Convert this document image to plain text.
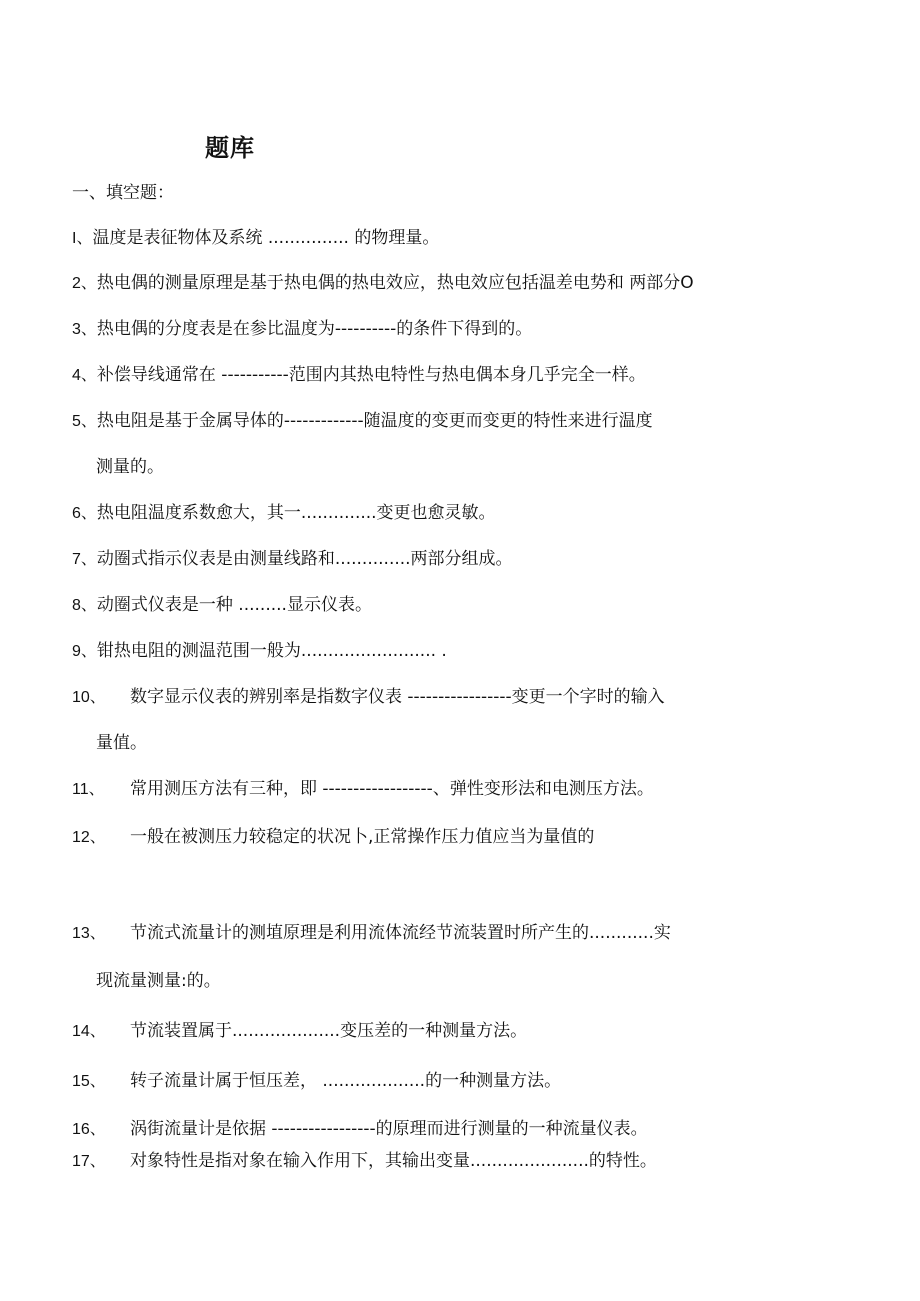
题库
一、填空题：
I、温度是表征物体及系统 ............... 的物理量。
2、热电偶的测量原理是基于热电偶的热电效应，热电效应包括温差电势和 两部分O
3、热电偶的分度表是在参比温度为----------的条件下得到的。
4、补偿导线通常在 -----------范围内其热电特性与热电偶本身几乎完全一样。
5、热电阻是基于金属导体的-------------随温度的变更而变更的特性来进行温度
测量的。
6、热电阻温度系数愈大，其一..............变更也愈灵敏。
7、动圈式指示仪表是由测量线路和..............两部分组成。
8、动圈式仪表是一种 .........显示仪表。
9、钳热电阻的测温范围一般为......................... .
10、 数字显示仪表的辨别率是指数字仪表 -----------------变更一个字时的输入
量值。
11、 常用测压方法有三种，即 ------------------、弹性变形法和电测压方法。
12、 一般在被测压力较稳定的状况卜,正常操作压力值应当为量值的
13、 节流式流量计的测埴原理是利用流体流经节流装置时所产生的............实
现流量测量:的。
14、 节流装置属于....................变压差的一种测量方法。
15、 转子流量计属于恒压差， ...................的一种测量方法。
16、 涡街流量计是依据 -----------------的原理而进行测量的一种流量仪表。
17、 对象特性是指对象在输入作用下，其输出变量......................的特性。
